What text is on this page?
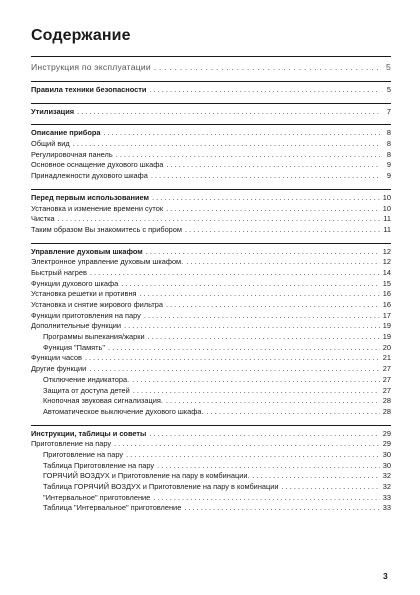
Содержание
Инструкция по эксплуатации . . .	5
Правила техники безопасности . . .	5
Утилизация . . .	7
Описание прибора . . .	8
Общий вид . . .	8
Регулировочная панель . . .	8
Основное оснащение духового шкафа . . .	9
Принадлежности духового шкафа . . .	9
Перед первым использованием . . .	10
Установка и изменение времени суток . . .	10
Чистка . . .	11
Таким образом Вы знакомитесь с прибором . . .	11
Управление духовым шкафом . . .	12
Электронное управление духовым шкафом. . . .	12
Быстрый нагрев . . .	14
Функции духового шкафа . . .	15
Установка решетки и противня . . .	16
Установка и снятие жирового фильтра . . .	16
Функции приготовления на пару . . .	17
Дополнительные функции . . .	19
Программы выпекания/жарки . . .	19
Функция "Память" . . .	20
Функции часов . . .	21
Другие функции . . .	27
Отключение индикатора. . . .	27
Защита от доступа детей . . .	27
Кнопочная звуковая сигнализация. . . .	28
Автоматическое выключение духового шкафа. . . .	28
Инструкции, таблицы и советы . . .	29
Приготовление на пару . . .	29
Приготовление на пару . . .	30
Таблица Приготовление на пару . . .	30
ГОРЯЧИЙ ВОЗДУХ и Приготовление на пару в комбинации. . . .	32
Таблица ГОРЯЧИЙ ВОЗДУХ и Приготовление на пару в комбинации . . .	32
"Интервальное" приготовление . . .	33
Таблица "Интервальное" приготовление . . .	33
3
